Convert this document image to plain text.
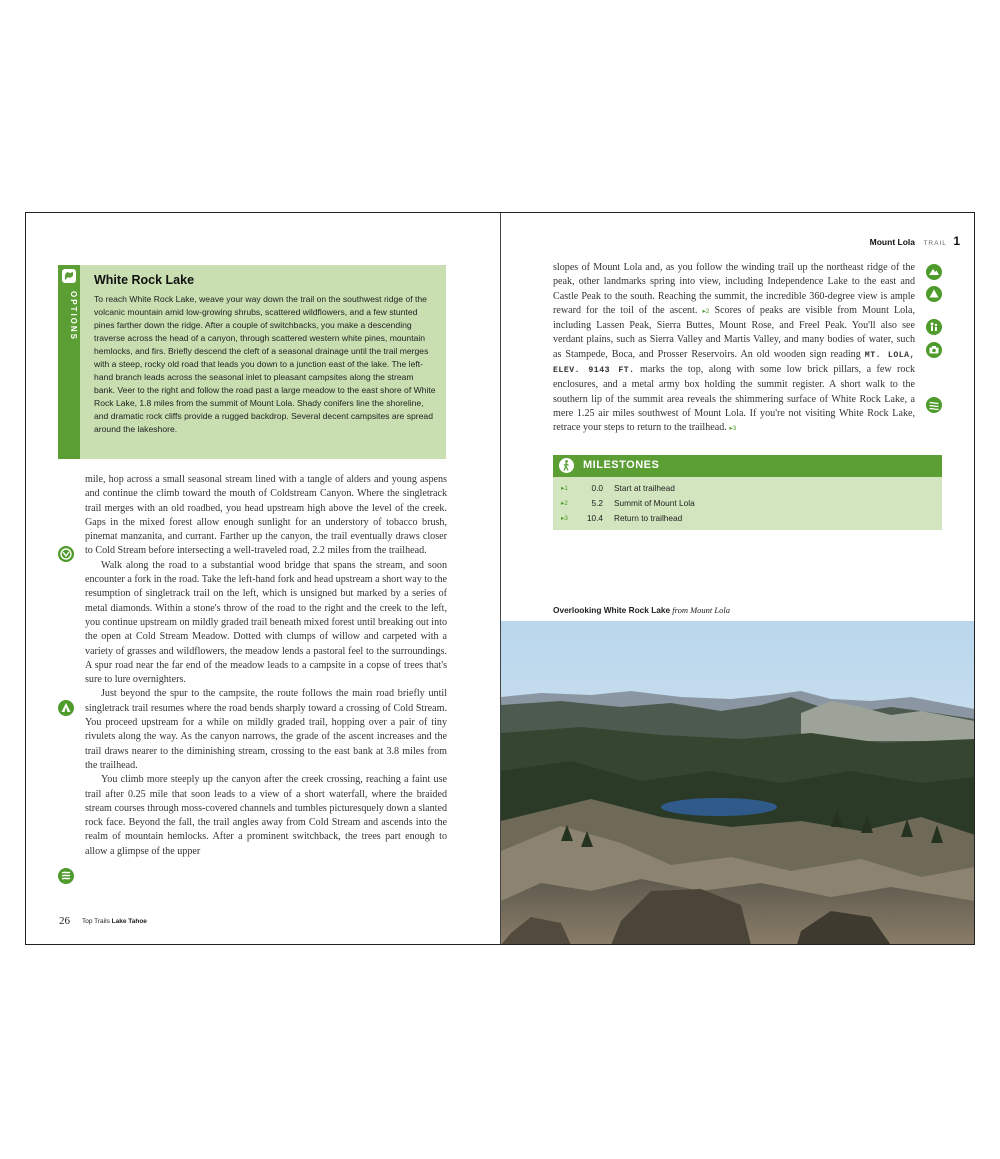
OPTIONS
White Rock Lake
To reach White Rock Lake, weave your way down the trail on the southwest ridge of the volcanic mountain amid low-growing shrubs, scattered wildflowers, and a few stunted pines farther down the ridge. After a couple of switchbacks, you make a descending traverse across the head of a canyon, through scattered western white pines, mountain hemlocks, and firs. Briefly descend the cleft of a seasonal drainage until the trail merges with a steep, rocky old road that leads you down to a junction east of the lake. The left-hand branch leads across the seasonal inlet to pleasant campsites along the stream bank. Veer to the right and follow the road past a large meadow to the east shore of White Rock Lake, 1.8 miles from the summit of Mount Lola. Shady conifers line the shoreline, and dramatic rock cliffs provide a rugged backdrop. Several decent campsites are spread around the lakeshore.

mile, hop across a small seasonal stream lined with a tangle of alders and young aspens and continue the climb toward the mouth of Coldstream Canyon. Where the singletrack trail merges with an old roadbed, you head upstream high above the level of the creek. Gaps in the mixed forest allow enough sunlight for an understory of tobacco brush, pinemat manzanita, and currant. Farther up the canyon, the trail eventually draws closer to Cold Stream before intersecting a well-traveled road, 2.2 miles from the trailhead.

Walk along the road to a substantial wood bridge that spans the stream, and soon encounter a fork in the road. Take the left-hand fork and head upstream a short way to the resumption of singletrack trail on the left, which is unsigned but marked by a series of metal diamonds. Within a stone's throw of the road to the right and the creek to the left, you continue upstream on mildly graded trail beneath mixed forest until breaking out into the open at Cold Stream Meadow. Dotted with clumps of willow and carpeted with a variety of grasses and wildflowers, the meadow lends a pastoral feel to the surroundings. A spur road near the far end of the meadow leads to a campsite in a copse of trees that's sure to lure overnighters.

Just beyond the spur to the campsite, the route follows the main road briefly until singletrack trail resumes where the road bends sharply toward a crossing of Cold Stream. You proceed upstream for a while on mildly graded trail, hopping over a pair of tiny rivulets along the way. As the canyon narrows, the grade of the ascent increases and the trail draws nearer to the diminishing stream, crossing to the east bank at 3.8 miles from the trailhead.

You climb more steeply up the canyon after the creek crossing, reaching a faint use trail after 0.25 mile that soon leads to a view of a short waterfall, where the braided stream courses through moss-covered channels and tumbles picturesquely down a slanted rock face. Beyond the fall, the trail angles away from Cold Stream and ascends into the realm of mountain hemlocks. After a prominent switchback, the trees part enough to allow a glimpse of the upper

26 Top Trails Lake Tahoe
Mount Lola TRAIL 1

slopes of Mount Lola and, as you follow the winding trail up the northeast ridge of the peak, other landmarks spring into view, including Independence Lake to the east and Castle Peak to the south. Reaching the summit, the incredible 360-degree view is ample reward for the toil of the ascent. ▸2 Scores of peaks are visible from Mount Lola, including Lassen Peak, Sierra Buttes, Mount Rose, and Freel Peak. You'll also see verdant plains, such as Sierra Valley and Martis Valley, and many bodies of water, such as Stampede, Boca, and Prosser Reservoirs. An old wooden sign reading MT. LOLA, ELEV. 9143 FT. marks the top, along with some low brick pillars, a few rock enclosures, and a metal army box holding the summit register. A short walk to the southern lip of the summit area reveals the shimmering surface of White Rock Lake, a mere 1.25 air miles southwest of Mount Lola. If you're not visiting White Rock Lake, retrace your steps to return to the trailhead. ▸3

MILESTONES
▸1	0.0 Start at trailhead
▸2	5.2 Summit of Mount Lola
▸3	10.4 Return to trailhead
Overlooking White Rock Lake from Mount Lola
